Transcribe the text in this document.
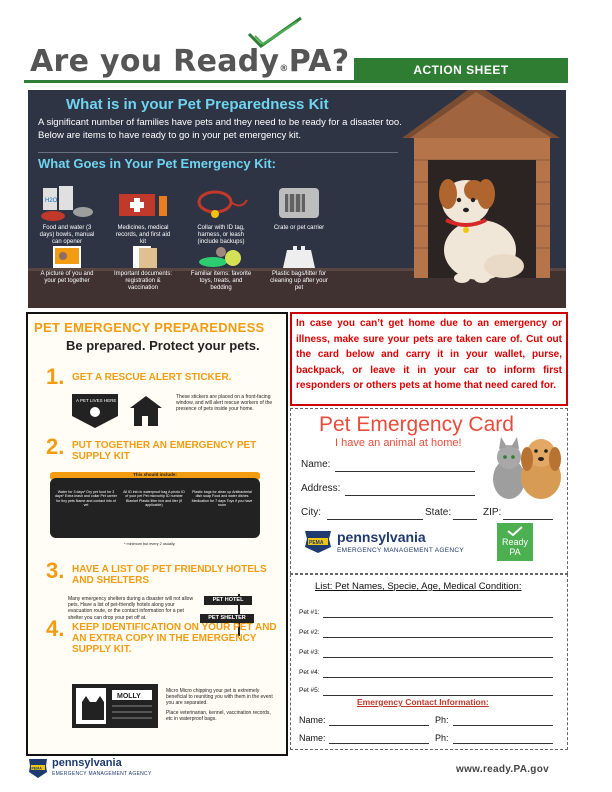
Are you Ready®PA?	ACTION SHEET
What is in your Pet Preparedness Kit
A significant number of families have pets and they need to be ready for a disaster too. Below are items to have ready to go in your pet emergency kit.
What Goes in Your Pet Emergency Kit:
H2O
Food and water (3 days) bowls, manual can opener
Medicines, medical records, and first aid kit
Collar with ID tag, harness, or leash (include backups)
Crate or pet carrier
A picture of you and your pet together
Important documents: registration & vaccination
Familiar items: favorite toys, treats, and bedding
Plastic bags/litter for cleaning up after your pet
PET EMERGENCY PREPAREDNESS
Be prepared. Protect your pets.
1. GET A RESCUE ALERT STICKER.
A PET LIVES HERE
These stickers are placed on a front-facing window, and will alert rescue workers of the presence of pets inside your home.
2. PUT TOGETHER AN EMERGENCY PET SUPPLY KIT
This should include:
Water for 3 days* Dry pet food for 3 days* Extra leash and collar Pet carrier for tiny pets Name and contact info of vet
All ID info in waterproof bag A photo ID of your pet Pet microchip ID number Blanket Plastic litter box and liter (if applicable)
Plastic bags for clean up Antibacterial dish soap Food and water dishes Medication for 7 days Toys if you have room
* minimum but every 2 usually.
3. HAVE A LIST OF PET FRIENDLY HOTELS AND SHELTERS
Many emergency shelters during a disaster will not allow pets. Have a list of pet-friendly hotels along your evacuation route, or the contact information for a pet shelter you can drop your pet off at.
PET HOTEL
PET SHELTER
4. KEEP IDENTIFICATION ON YOUR PET AND AN EXTRA COPY IN THE EMERGENCY SUPPLY KIT.
MOLLY
Micro Micro chipping your pet is extremely beneficial to reuniting you with them in the event you are separated.
Place veterinarian, kennel, vaccination records, etc in waterproof bags.
In case you can’t get home due to an emergency or illness, make sure your pets are taken care of. Cut out the card below and carry it in your wallet, purse, backpack, or leave it in your car to inform first responders or others pets at home that need cared for.
Pet Emergency Card
I have an animal at home!
Name:
Address:
City:	State:	ZIP:
PEMA pennsylvania
EMERGENCY MANAGEMENT AGENCY
Ready
PA
List: Pet Names, Specie, Age, Medical Condition:
Pet #1:
Pet #2:
Pet #3:
Pet #4:
Pet #5:
Emergency Contact Information:
Name:	Ph:
Name:	Ph:
PEMA pennsylvania
EMERGENCY MANAGEMENT AGENCY	www.ready.PA.gov
